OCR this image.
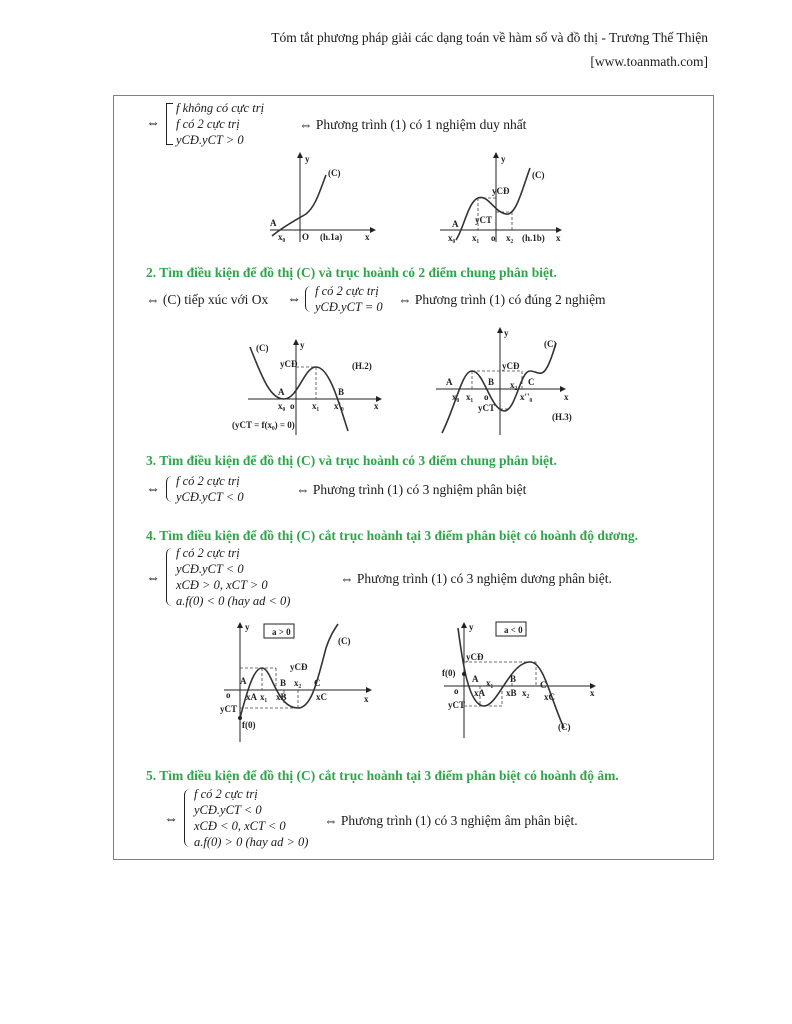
Tóm tắt phương pháp giải các dạng toán về hàm số và đồ thị - Trương Thế Thiện
[www.toanmath.com]
⇔
f không có cực trị
f có 2 cực trị
yCĐ.yCT > 0
⇔ Phương trình (1) có 1 nghiệm duy nhất
y
(C)
A
x₀ O (h.1a)	x
y
(C)
yCĐ
yCT
A
x₀ x₁ o x₂ (h.1b) x
2. Tìm điều kiện để đồ thị (C) và trục hoành có 2 điểm chung phân biệt.
⇔ (C) tiếp xúc với Ox ⇔
f có 2 cực trị
yCĐ.yCT = 0 ⇔ Phương trình (1) có đúng 2 nghiệm
y
(C)
yCĐ	(H.2)
A	B
x₀ o x₁ x'₀	x
(yCT = f(x₀) = 0)
y
(C)
yCĐ
A	B	C
x₀ x₁ o
x₂
x''₀	x
yCT
(H.3)
3. Tìm điều kiện để đồ thị (C) và trục hoành có 3 điểm chung phân biệt.
⇔
f có 2 cực trị
yCĐ.yCT < 0	⇔ Phương trình (1) có 3 nghiệm phân biệt
4. Tìm điều kiện để đồ thị (C) cắt trục hoành tại 3 điểm phân biệt có hoành độ dương.
⇔
f có 2 cực trị
yCĐ.yCT < 0
xCĐ > 0, xCT > 0
a.f(0) < 0 (hay ad < 0)
⇔ Phương trình (1) có 3 nghiệm dương phân biệt.
a > 0
y
(C)
yCĐ
A	B	C
o xA x₁ xB
x₂
xC	x
yCT
f(0)
a < 0
y
yCĐ
f(0)
A	B
C
o xA
x₁
xB x₂ xC	x
yCT
(C)
5. Tìm điều kiện để đồ thị (C) cắt trục hoành tại 3 điểm phân biệt có hoành độ âm.
⇔
f có 2 cực trị
yCĐ.yCT < 0
xCĐ < 0, xCT < 0
a.f(0) > 0 (hay ad > 0)
⇔ Phương trình (1) có 3 nghiệm âm phân biệt.
